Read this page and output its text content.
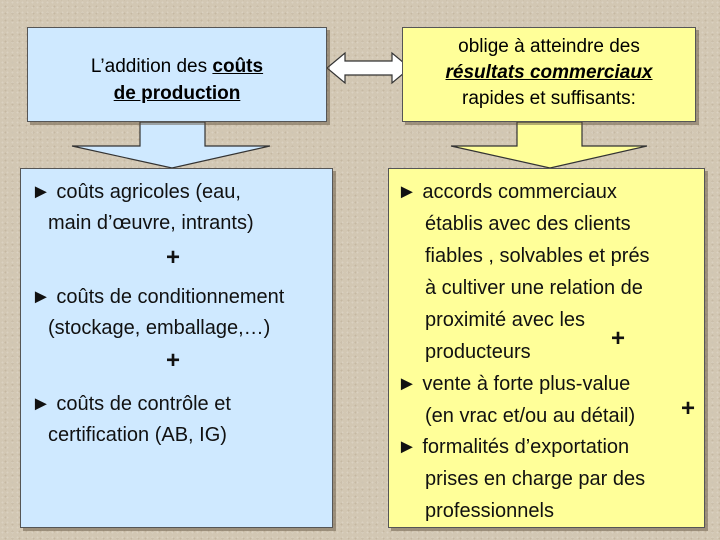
L’addition des coûts
de production
oblige à atteindre des
résultats commerciaux
rapides et suffisants:
► coûts agricoles (eau,
main d’œuvre, intrants)
+
► coûts de conditionnement
(stockage, emballage,…)
+
► coûts de contrôle et
certification (AB, IG)
► accords commerciaux
établis avec des clients
fiables , solvables et prés
à cultiver une relation de
proximité avec les
producteurs	+
► vente à forte plus-value
(en vrac et/ou au détail)	+
► formalités d’exportation
prises en charge par des
professionnels
